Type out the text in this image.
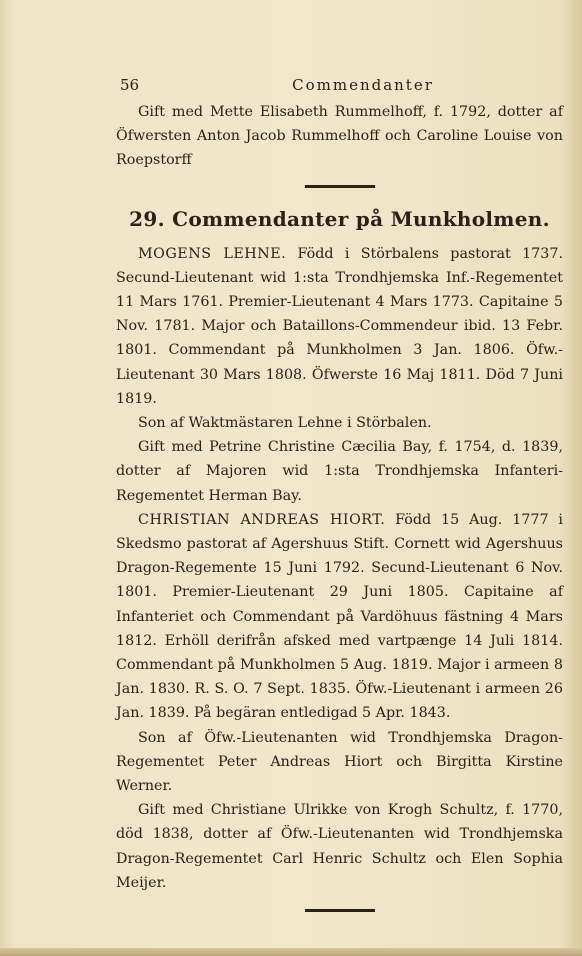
56	Commendanter

Gift med Mette Elisabeth Rummelhoff, f. 1792, dotter af Öfwersten Anton Jacob Rummelhoff och Caroline Louise von Roepstorff

29. Commendanter på Munkholmen.

MOGENS LEHNE. Född i Störbalens pastorat 1737. Secund-Lieutenant wid 1:sta Trondhjemska Inf.-Regementet 11 Mars 1761. Premier-Lieutenant 4 Mars 1773. Capitaine 5 Nov. 1781. Major och Bataillons-Commendeur ibid. 13 Febr. 1801. Commendant på Munkholmen 3 Jan. 1806. Öfw.-Lieutenant 30 Mars 1808. Öfwerste 16 Maj 1811. Död 7 Juni 1819.

Son af Waktmästaren Lehne i Störbalen.

Gift med Petrine Christine Cæcilia Bay, f. 1754, d. 1839, dotter af Majoren wid 1:sta Trondhjemska Infanteri-Regementet Herman Bay.

CHRISTIAN ANDREAS HIORT. Född 15 Aug. 1777 i Skedsmo pastorat af Agershuus Stift. Cornett wid Agershuus Dragon-Regemente 15 Juni 1792. Secund-Lieutenant 6 Nov. 1801. Premier-Lieutenant 29 Juni 1805. Capitaine af Infanteriet och Commendant på Vardöhuus fästning 4 Mars 1812. Erhöll derifrån afsked med vartpænge 14 Juli 1814. Commendant på Munkholmen 5 Aug. 1819. Major i armeen 8 Jan. 1830. R. S. O. 7 Sept. 1835. Öfw.-Lieutenant i armeen 26 Jan. 1839. På begäran entledigad 5 Apr. 1843.

Son af Öfw.-Lieutenanten wid Trondhjemska Dragon-Regementet Peter Andreas Hiort och Birgitta Kirstine Werner.

Gift med Christiane Ulrikke von Krogh Schultz, f. 1770, död 1838, dotter af Öfw.-Lieutenanten wid Trondhjemska Dragon-Regementet Carl Henric Schultz och Elen Sophia Meijer.
